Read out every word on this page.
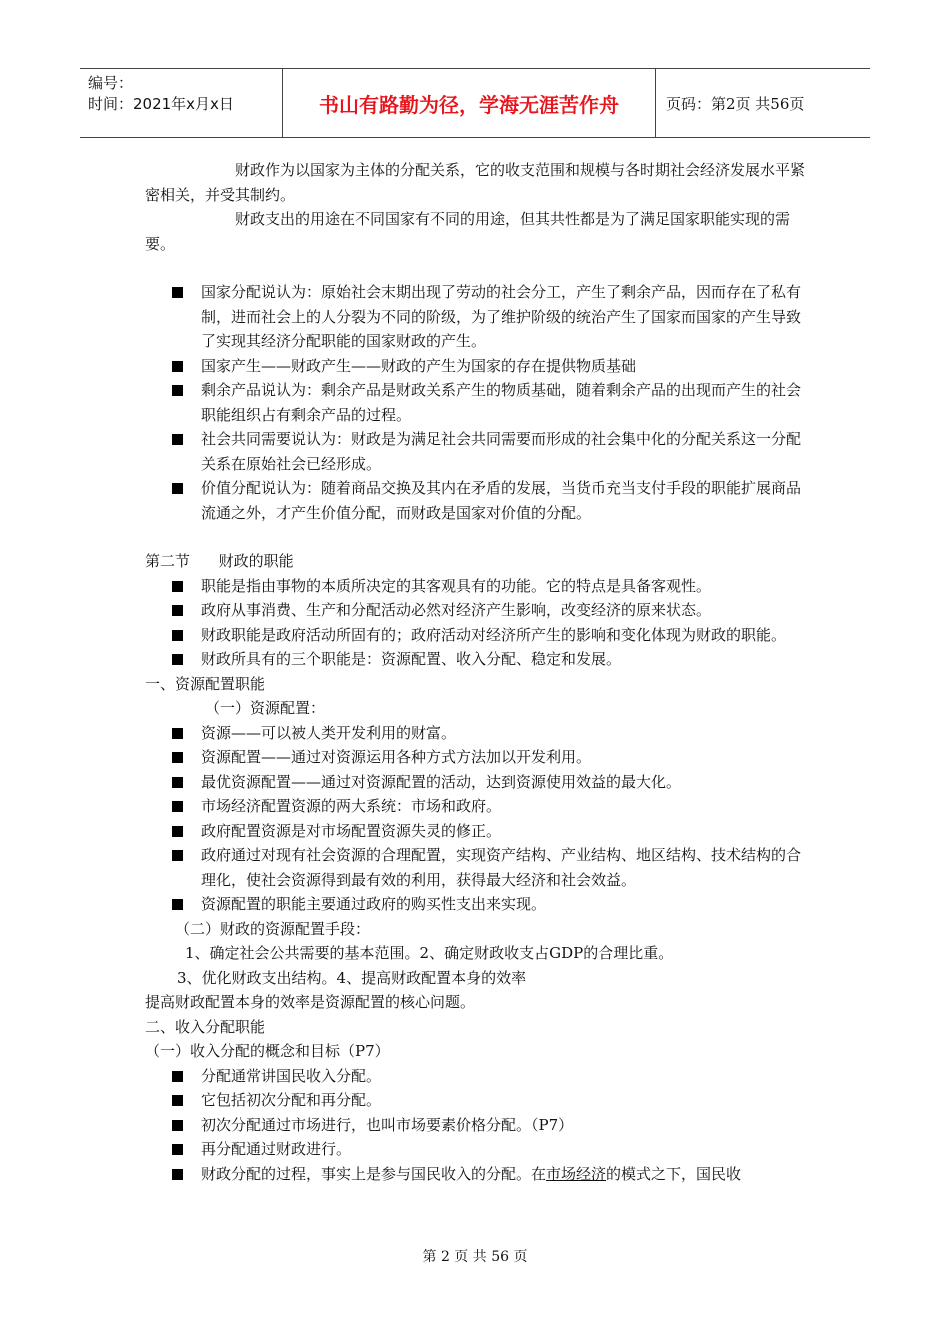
编号：
时间：2021年x月x日	书山有路勤为径，学海无涯苦作舟	页码：第2页 共56页

财政作为以国家为主体的分配关系，它的收支范围和规模与各时期社会经济发展水平紧密相关，并受其制约。

财政支出的用途在不同国家有不同的用途，但其共性都是为了满足国家职能实现的需要。

国家分配说认为：原始社会末期出现了劳动的社会分工，产生了剩余产品，因而存在了私有制，进而社会上的人分裂为不同的阶级，为了维护阶级的统治产生了国家而国家的产生导致了实现其经济分配职能的国家财政的产生。

国家产生——财政产生——财政的产生为国家的存在提供物质基础

剩余产品说认为：剩余产品是财政关系产生的物质基础，随着剩余产品的出现而产生的社会职能组织占有剩余产品的过程。

社会共同需要说认为：财政是为满足社会共同需要而形成的社会集中化的分配关系这一分配关系在原始社会已经形成。

价值分配说认为：随着商品交换及其内在矛盾的发展，当货币充当支付手段的职能扩展商品流通之外，才产生价值分配，而财政是国家对价值的分配。

第二节      财政的职能

职能是指由事物的本质所决定的其客观具有的功能。它的特点是具备客观性。

政府从事消费、生产和分配活动必然对经济产生影响，改变经济的原来状态。

财政职能是政府活动所固有的；政府活动对经济所产生的影响和变化体现为财政的职能。

财政所具有的三个职能是：资源配置、收入分配、稳定和发展。

一、资源配置职能

（一）资源配置：

资源——可以被人类开发利用的财富。

资源配置——通过对资源运用各种方式方法加以开发利用。

最优资源配置——通过对资源配置的活动，达到资源使用效益的最大化。

市场经济配置资源的两大系统：市场和政府。

政府配置资源是对市场配置资源失灵的修正。

政府通过对现有社会资源的合理配置，实现资产结构、产业结构、地区结构、技术结构的合理化，使社会资源得到最有效的利用，获得最大经济和社会效益。

资源配置的职能主要通过政府的购买性支出来实现。

（二）财政的资源配置手段：

1、确定社会公共需要的基本范围。2、确定财政收支占GDP的合理比重。

3、优化财政支出结构。4、提高财政配置本身的效率

提高财政配置本身的效率是资源配置的核心问题。

二、收入分配职能

（一）收入分配的概念和目标（P7）

分配通常讲国民收入分配。

它包括初次分配和再分配。

初次分配通过市场进行，也叫市场要素价格分配。（P7）

再分配通过财政进行。

财政分配的过程，事实上是参与国民收入的分配。在市场经济的模式之下，国民收

第 2 页 共 56 页
